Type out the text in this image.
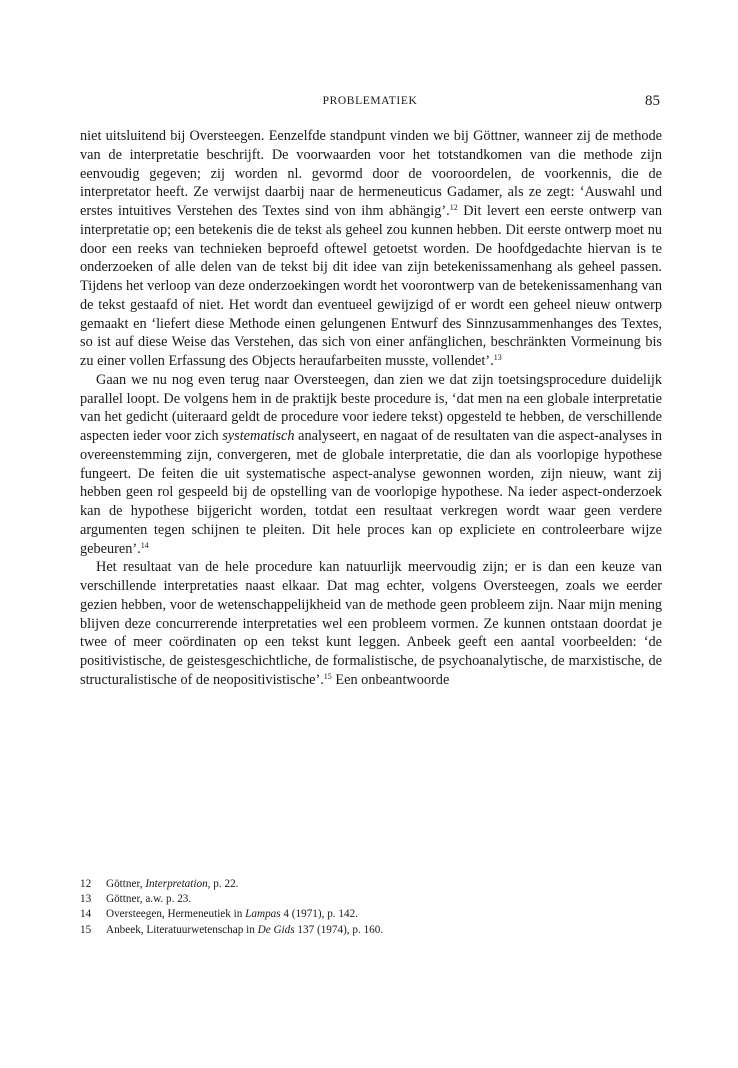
PROBLEMATIEK	85

niet uitsluitend bij Oversteegen. Eenzelfde standpunt vinden we bij Göttner, wanneer zij de methode van de interpretatie beschrijft. De voorwaarden voor het totstandkomen van die methode zijn eenvoudig gegeven; zij worden nl. gevormd door de vooroordelen, de voorkennis, die de interpretator heeft. Ze verwijst daarbij naar de hermeneuticus Gadamer, als ze zegt: ‘Auswahl und erstes intuitives Verstehen des Textes sind von ihm abhängig’.$^{12}$ Dit levert een eerste ontwerp van interpretatie op; een betekenis die de tekst als geheel zou kunnen hebben. Dit eerste ontwerp moet nu door een reeks van technieken beproefd oftewel getoetst worden. De hoofdgedachte hiervan is te onderzoeken of alle delen van de tekst bij dit idee van zijn betekenissamenhang als geheel passen. Tijdens het verloop van deze onderzoekingen wordt het voorontwerp van de betekenissamenhang van de tekst gestaafd of niet. Het wordt dan eventueel gewijzigd of er wordt een geheel nieuw ontwerp gemaakt en ‘liefert diese Methode einen gelungenen Entwurf des Sinnzusammenhanges des Textes, so ist auf diese Weise das Verstehen, das sich von einer anfänglichen, beschränkten Vormeinung bis zu einer vollen Erfassung des Objects heraufarbeiten musste, vollendet’.$^{13}$

Gaan we nu nog even terug naar Oversteegen, dan zien we dat zijn toetsingsprocedure duidelijk parallel loopt. De volgens hem in de praktijk beste procedure is, ‘dat men na een globale interpretatie van het gedicht (uiteraard geldt de procedure voor iedere tekst) opgesteld te hebben, de verschillende aspecten ieder voor zich systematisch analyseert, en nagaat of de resultaten van die aspect-analyses in overeenstemming zijn, convergeren, met de globale interpretatie, die dan als voorlopige hypothese fungeert. De feiten die uit systematische aspect-analyse gewonnen worden, zijn nieuw, want zij hebben geen rol gespeeld bij de opstelling van de voorlopige hypothese. Na ieder aspect-onderzoek kan de hypothese bijgericht worden, totdat een resultaat verkregen wordt waar geen verdere argumenten tegen schijnen te pleiten. Dit hele proces kan op expliciete en controleerbare wijze gebeuren’.$^{14}$

Het resultaat van de hele procedure kan natuurlijk meervoudig zijn; er is dan een keuze van verschillende interpretaties naast elkaar. Dat mag echter, volgens Oversteegen, zoals we eerder gezien hebben, voor de wetenschappelijkheid van de methode geen probleem zijn. Naar mijn mening blijven deze concurrerende interpretaties wel een probleem vormen. Ze kunnen ontstaan doordat je twee of meer coördinaten op een tekst kunt leggen. Anbeek geeft een aantal voorbeelden: ‘de positivistische, de geistesgeschichtliche, de formalistische, de psychoanalytische, de marxistische, de structuralistische of de neopositivistische’.$^{15}$ Een onbeantwoorde

12	Göttner, Interpretation, p. 22.
13	Göttner, a.w. p. 23.
14	Oversteegen, Hermeneutiek in Lampas 4 (1971), p. 142.
15	Anbeek, Literatuurwetenschap in De Gids 137 (1974), p. 160.
